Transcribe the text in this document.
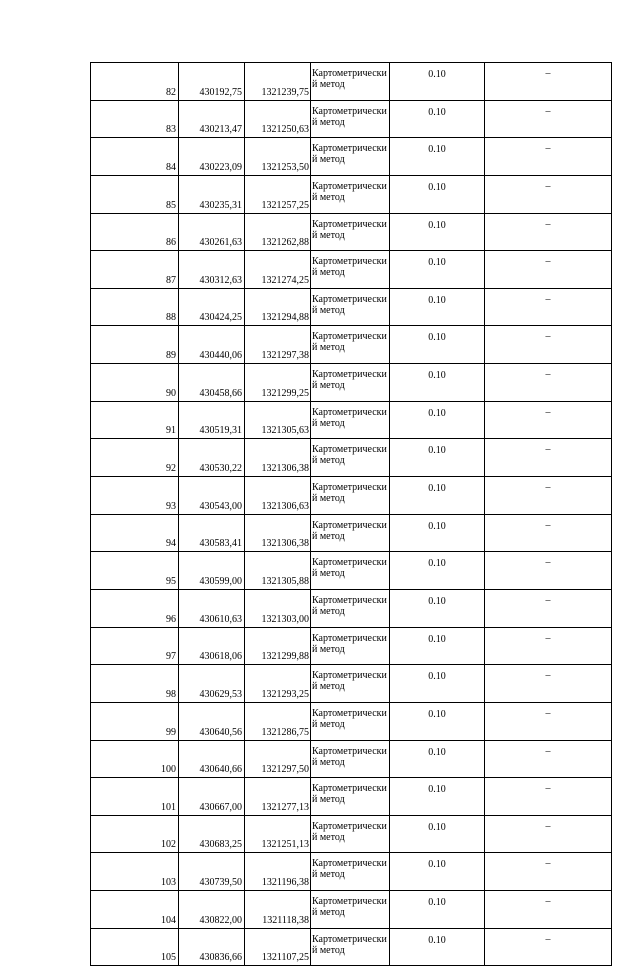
82	430192,75	1321239,75	Картометрический метод	0.10	–
83	430213,47	1321250,63	Картометрический метод	0.10	–
84	430223,09	1321253,50	Картометрический метод	0.10	–
85	430235,31	1321257,25	Картометрический метод	0.10	–
86	430261,63	1321262,88	Картометрический метод	0.10	–
87	430312,63	1321274,25	Картометрический метод	0.10	–
88	430424,25	1321294,88	Картометрический метод	0.10	–
89	430440,06	1321297,38	Картометрический метод	0.10	–
90	430458,66	1321299,25	Картометрический метод	0.10	–
91	430519,31	1321305,63	Картометрический метод	0.10	–
92	430530,22	1321306,38	Картометрический метод	0.10	–
93	430543,00	1321306,63	Картометрический метод	0.10	–
94	430583,41	1321306,38	Картометрический метод	0.10	–
95	430599,00	1321305,88	Картометрический метод	0.10	–
96	430610,63	1321303,00	Картометрический метод	0.10	–
97	430618,06	1321299,88	Картометрический метод	0.10	–
98	430629,53	1321293,25	Картометрический метод	0.10	–
99	430640,56	1321286,75	Картометрический метод	0.10	–
100	430640,66	1321297,50	Картометрический метод	0.10	–
101	430667,00	1321277,13	Картометрический метод	0.10	–
102	430683,25	1321251,13	Картометрический метод	0.10	–
103	430739,50	1321196,38	Картометрический метод	0.10	–
104	430822,00	1321118,38	Картометрический метод	0.10	–
105	430836,66	1321107,25	Картометрический метод	0.10	–
